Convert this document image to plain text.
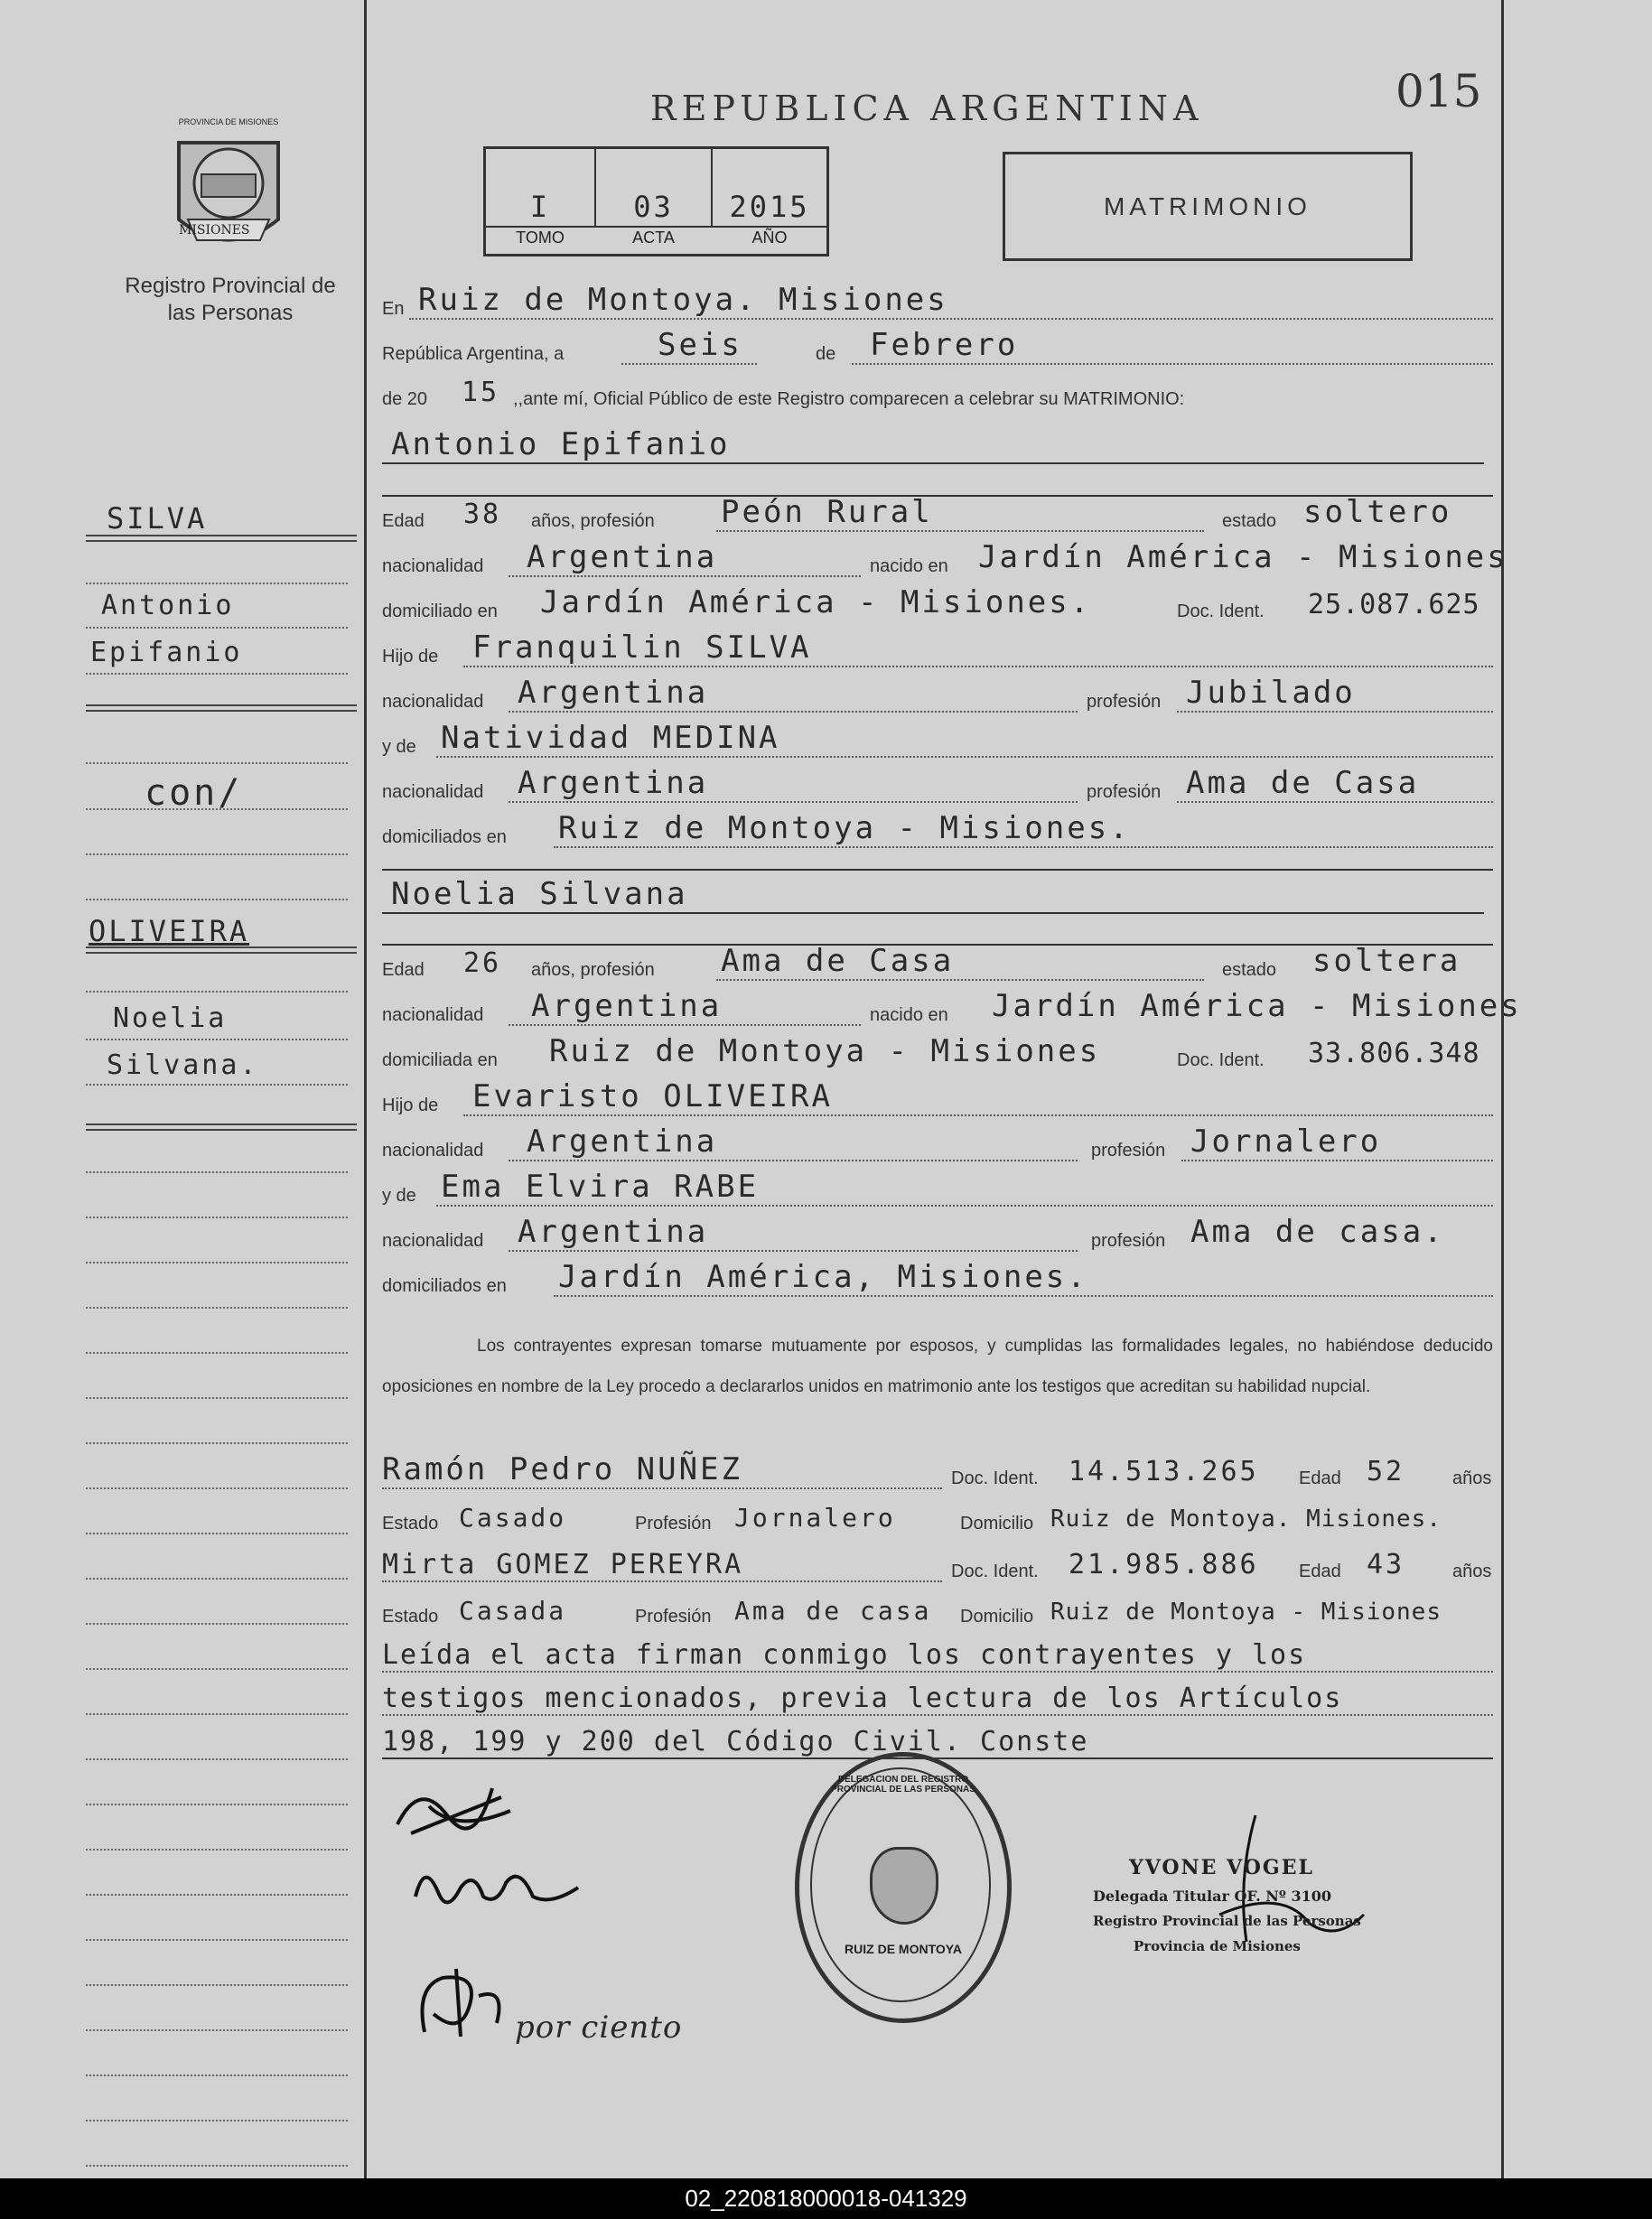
MISIONES
PROVINCIA DE MISIONES
Registro Provincial de las Personas
SILVA
Antonio
Epifanio
con/
OLIVEIRA
Noelia
Silvana.
REPUBLICA ARGENTINA	015
I	03	2015
TOMO	ACTA	AÑO
MATRIMONIO
En Ruiz de Montoya. Misiones
República Argentina, a	Seis	de Febrero
de 20 15 ,,ante mí, Oficial Público de este Registro comparecen a celebrar su MATRIMONIO:
Antonio Epifanio
Edad 38 años, profesión Peón Rural	estado soltero
nacionalidad Argentina	nacido en Jardín América - Misiones
domiciliado en Jardín América - Misiones.	Doc. Ident. 25.087.625
Hijo de Franquilin SILVA
nacionalidad Argentina	profesión Jubilado
y de Natividad MEDINA
nacionalidad Argentina	profesión Ama de Casa
domiciliados en Ruiz de Montoya - Misiones.
Noelia Silvana
Edad 26 años, profesión Ama de Casa	estado soltera
nacionalidad Argentina	nacido en Jardín América - Misiones
domiciliada en Ruiz de Montoya - Misiones	Doc. Ident. 33.806.348
Hijo de Evaristo OLIVEIRA
nacionalidad Argentina	profesión Jornalero
y de Ema Elvira RABE
nacionalidad Argentina	profesión Ama de casa.
domiciliados en Jardín América, Misiones.
Los contrayentes expresan tomarse mutuamente por esposos, y cumplidas las formalidades legales, no habiéndose deducido oposiciones en nombre de la Ley procedo a declararlos unidos en matrimonio ante los testigos que acreditan su habilidad nupcial.
Ramón Pedro NUÑEZ	Doc. Ident. 14.513.265 Edad 52	años
Estado Casado	Profesión Jornalero	Domicilio Ruiz de Montoya. Misiones.
Mirta GOMEZ PEREYRA	Doc. Ident. 21.985.886 Edad 43	años
Estado Casada	Profesión Ama de casa Domicilio Ruiz de Montoya - Misiones
Leída el acta firman conmigo los contrayentes y los
testigos mencionados, previa lectura de los Artículos
198, 199 y 200 del Código Civil. Conste
por ciento
DELEGACION DEL REGISTRO PROVINCIAL DE LAS PERSONAS
RUIZ DE MONTOYA
YVONE VOGEL
Delegada Titular OF. Nº 3100
Registro Provincial de las Personas
Provincia de Misiones
02_220818000018-041329
